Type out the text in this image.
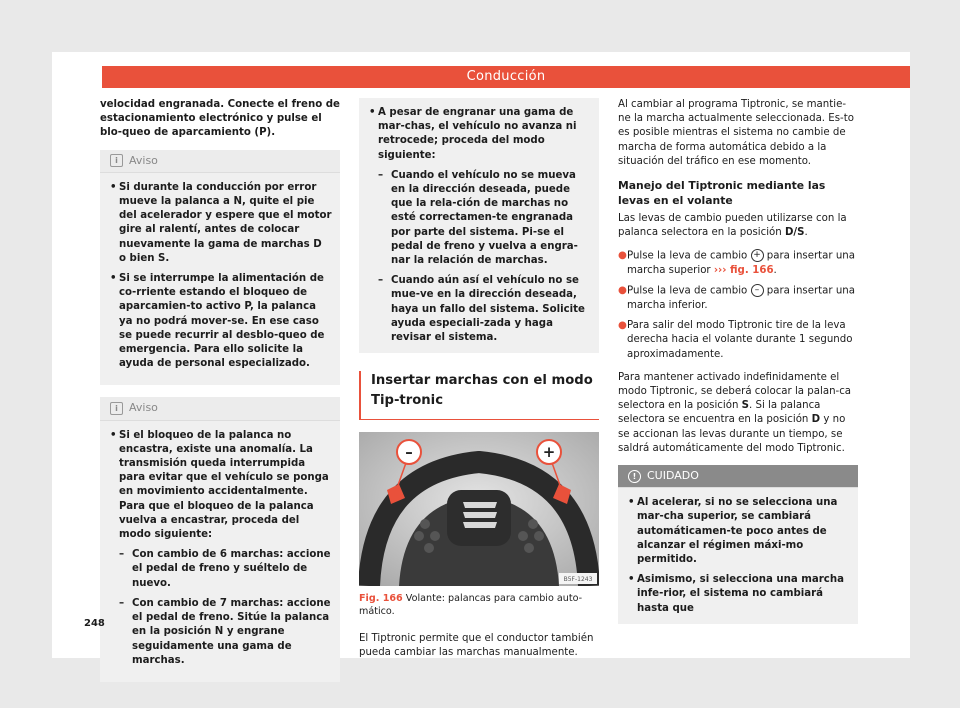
Conducción

velocidad engranada. Conecte el freno de estacionamiento electrónico y pulse el blo-queo de aparcamiento (P).

i	Aviso
• Si durante la conducción por error mueve la palanca a N, quite el pie del acelerador y espere que el motor gire al ralentí, antes de colocar nuevamente la gama de marchas D o bien S.
• Si se interrumpe la alimentación de co-rriente estando el bloqueo de aparcamien-to activo P, la palanca ya no podrá mover-se. En ese caso se puede recurrir al desblo-queo de emergencia. Para ello solicite la ayuda de personal especializado.
i	Aviso
• Si el bloqueo de la palanca no encastra, existe una anomalía. La transmisión queda interrumpida para evitar que el vehículo se ponga en movimiento accidentalmente. Para que el bloqueo de la palanca vuelva a encastrar, proceda del modo siguiente:
– Con cambio de 6 marchas: accione el pedal de freno y suéltelo de nuevo.
– Con cambio de 7 marchas: accione el pedal de freno. Sitúe la palanca en la posición N y engrane seguidamente una gama de marchas.
• A pesar de engranar una gama de mar-chas, el vehículo no avanza ni retrocede; proceda del modo siguiente:
– Cuando el vehículo no se mueva en la dirección deseada, puede que la rela-ción de marchas no esté correctamen-te engranada por parte del sistema. Pi-se el pedal de freno y vuelva a engra-nar la relación de marchas.
– Cuando aún así el vehículo no se mue-ve en la dirección deseada, haya un fallo del sistema. Solicite ayuda especiali-zada y haga revisar el sistema.
Insertar marchas con el modo Tip-tronic
–	+
B5F-1243
Fig. 166 Volante: palancas para cambio auto-mático.

El Tiptronic permite que el conductor también pueda cambiar las marchas manualmente.

Al cambiar al programa Tiptronic, se mantie-ne la marcha actualmente seleccionada. Es-to es posible mientras el sistema no cambie de marcha de forma automática debido a la situación del tráfico en ese momento.

Manejo del Tiptronic mediante las levas en el volante

Las levas de cambio pueden utilizarse con la palanca selectora en la posición D/S.

● Pulse la leva de cambio + para insertar una marcha superior ››› fig. 166.
● Pulse la leva de cambio – para insertar una marcha inferior.
● Para salir del modo Tiptronic tire de la leva derecha hacia el volante durante 1 segundo aproximadamente.

Para mantener activado indefinidamente el modo Tiptronic, se deberá colocar la palan-ca selectora en la posición S. Si la palanca selectora se encuentra en la posición D y no se accionan las levas durante un tiempo, se saldrá automáticamente del modo Tiptronic.

! CUIDADO
• Al acelerar, si no se selecciona una mar-cha superior, se cambiará automáticamen-te poco antes de alcanzar el régimen máxi-mo permitido.
• Asimismo, si selecciona una marcha infe-rior, el sistema no cambiará hasta que
248
